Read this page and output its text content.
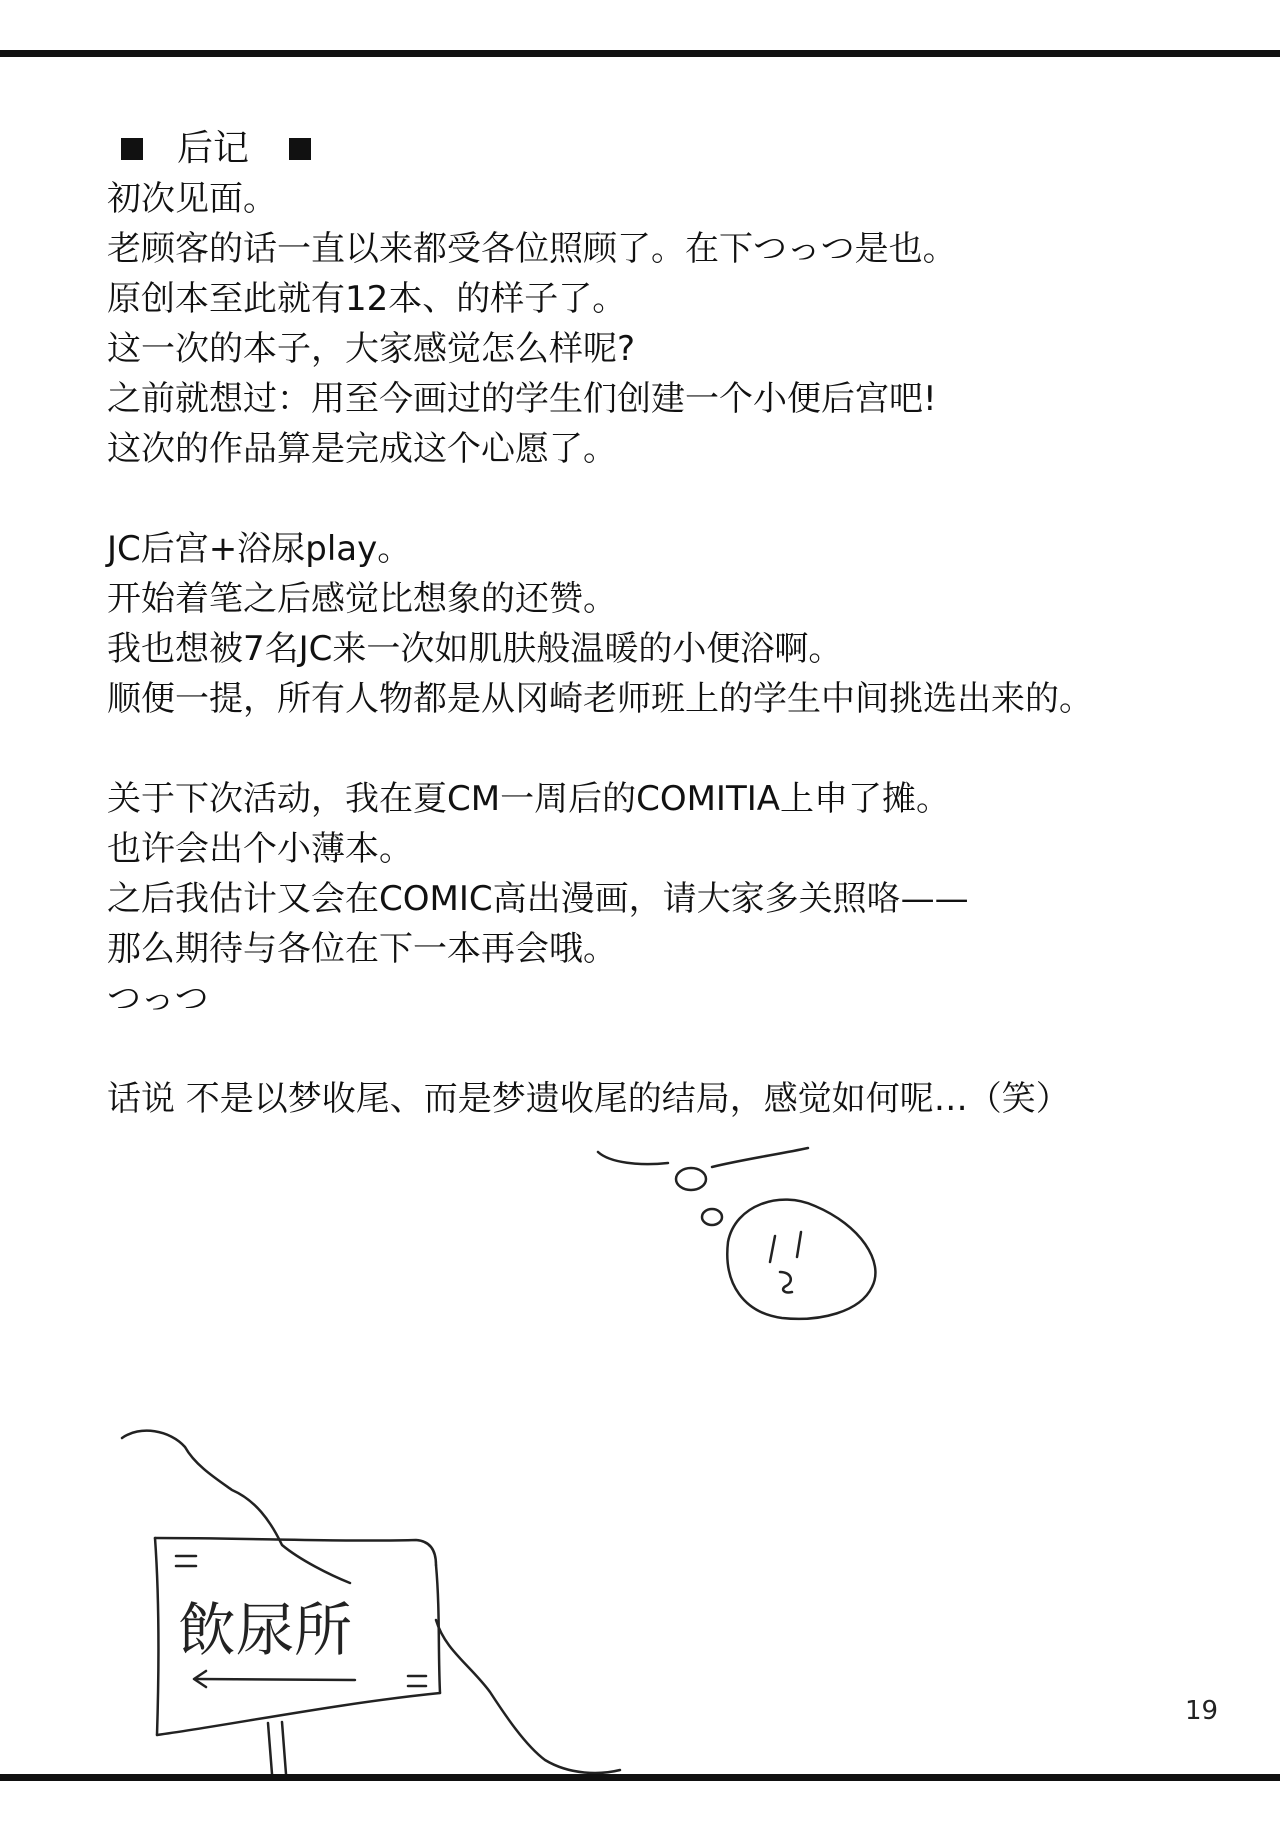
后记
初次见面。
老顾客的话一直以来都受各位照顾了。在下つっつ是也。
原创本至此就有12本、的样子了。
这一次的本子，大家感觉怎么样呢?
之前就想过：用至今画过的学生们创建一个小便后宫吧!
这次的作品算是完成这个心愿了。
JC后宫+浴尿play。
开始着笔之后感觉比想象的还赞。
我也想被7名JC来一次如肌肤般温暖的小便浴啊。
顺便一提，所有人物都是从冈崎老师班上的学生中间挑选出来的。
关于下次活动，我在夏CM一周后的COMITIA上申了摊。
也许会出个小薄本。
之后我估计又会在COMIC高出漫画，请大家多关照咯——
那么期待与各位在下一本再会哦。
つっつ
话说 不是以梦收尾、而是梦遗收尾的结局，感觉如何呢…（笑）
飲尿所
19
